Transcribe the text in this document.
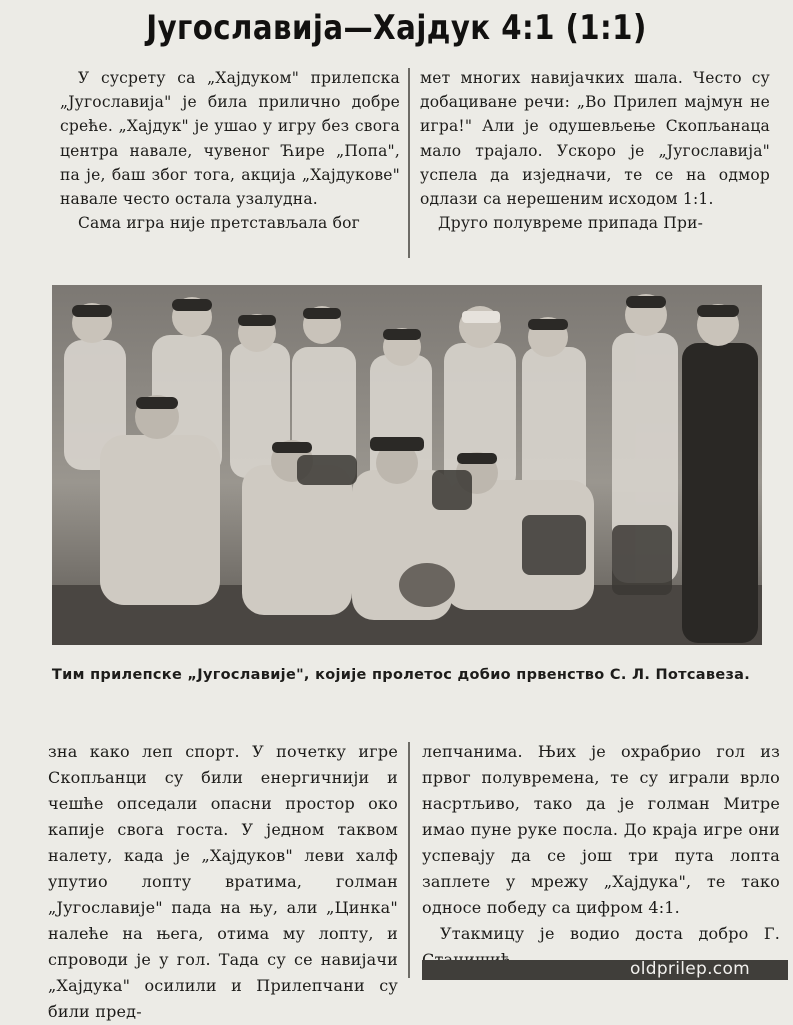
Југославија—Хајдук 4:1 (1:1)

У сусрету са „Хајдуком" прилепска „Југославија" је била прилично добре среће. „Хајдук" је ушао у игру без свога центра навале, чувеног Ћире „Попа", па је, баш због тога, акција „Хајдукове" навале често остала узалудна.

Сама игра није претстављала бог

мет многих навијачких шала. Често су добациване речи: „Во Прилеп мајмун не игра!" Али је одушевљење Скопљанаца мало трајало. Ускоро је „Југославија" успела да изједначи, те се на одмор одлази са нерешеним исходом 1:1.

Друго полувреме припада При-

Тим прилепске „Југославије", којије пролетос добио првенство С. Л. Потсавеза.

зна како леп спорт. У почетку игре Скопљанци су били енергичнији и чешће опседали опасни простор око капије свога госта. У једном таквом налету, када је „Хајдуков" леви халф упутио лопту вратима, голман „Југославије" пада на њу, али „Цинка" налеће на њега, отима му лопту, и спроводи је у гол. Тада су се навијачи „Хајдука" осилили и Прилепчани су били пред-

лепчанима. Њих је охрабрио гол из првог полувремена, те су играли врло насртљиво, тако да је голман Митре имао пуне руке посла. До краја игре они успевају да се још три пута лопта заплете у мрежу „Хајдука", те тако односе победу са цифром 4:1.

Утакмицу је водио доста добро Г.

oldprilep.com
